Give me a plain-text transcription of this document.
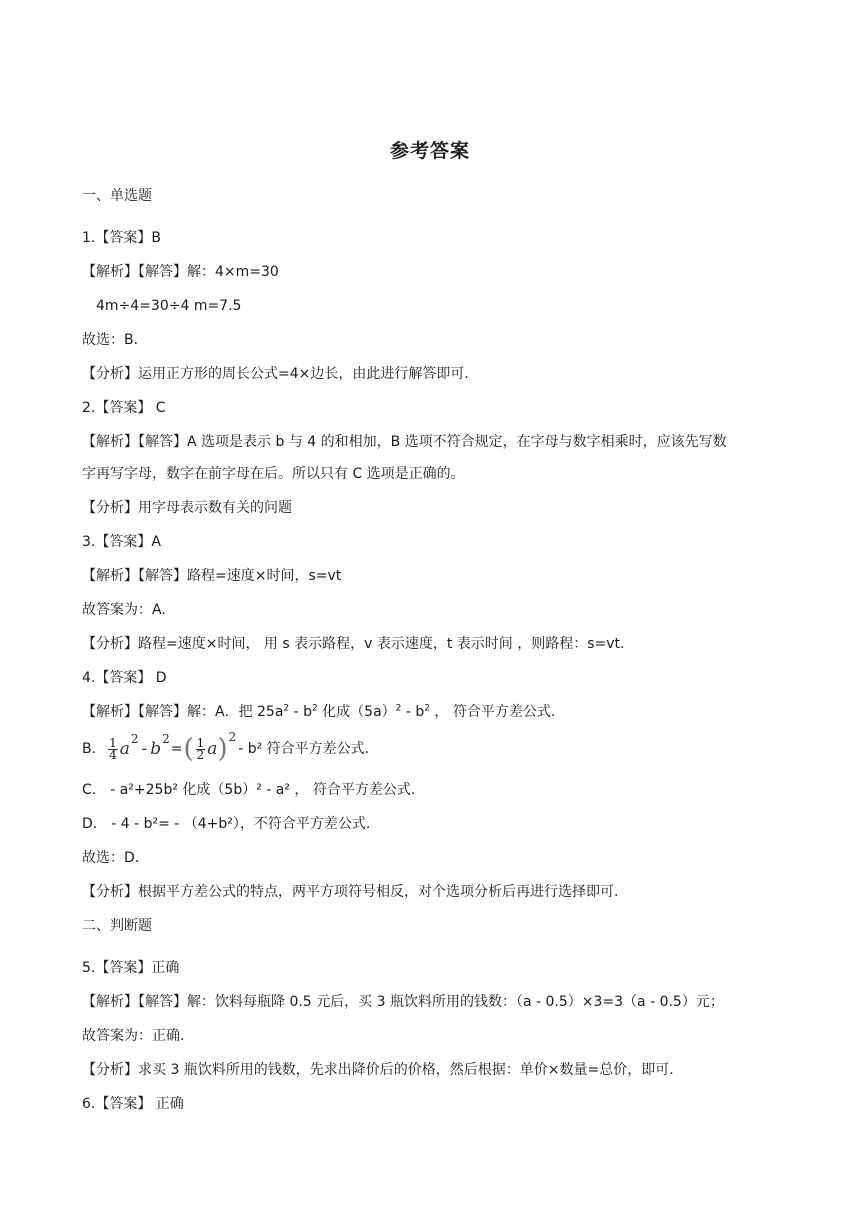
参考答案
一、单选题
1.【答案】B
【解析】【解答】解：4×m=30
4m÷4=30÷4 m=7.5
故选：B.
【分析】运用正方形的周长公式=4×边长，由此进行解答即可.
2.【答案】 C
【解析】【解答】A 选项是表示 b 与 4 的和相加，B 选项不符合规定，在字母与数字相乘时，应该先写数
字再写字母，数字在前字母在后。所以只有 C 选项是正确的。
【分析】用字母表示数有关的问题
3.【答案】A
【解析】【解答】路程=速度×时间，s=vt
故答案为：A.
【分析】路程=速度×时间， 用 s 表示路程，v 表示速度，t 表示时间 ，则路程：s=vt.
4.【答案】 D
【解析】【解答】解：A．把 $25a^2 - b^2$ 化成$(5a)^2 - b^2$ ， 符合平方差公式.
B. $\frac{1}{4}$ a 2 - b 2
= ( $\frac{1}{2}$ a ) 2
- b² 符合平方差公式.
C． - a²+25b² 化成（5b）² - a² ， 符合平方差公式.
D． - 4 - b²= - （4+b²），不符合平方差公式.
故选：D.
【分析】根据平方差公式的特点，两平方项符号相反，对个选项分析后再进行选择即可.
二、判断题
5.【答案】正确
【解析】【解答】解：饮料每瓶降 0.5 元后，买 3 瓶饮料所用的钱数：（a - 0.5）×3=3（a - 0.5）元；
故答案为：正确.
【分析】求买 3 瓶饮料所用的钱数，先求出降价后的价格，然后根据：单价×数量=总价，即可.
6.【答案】 正确
